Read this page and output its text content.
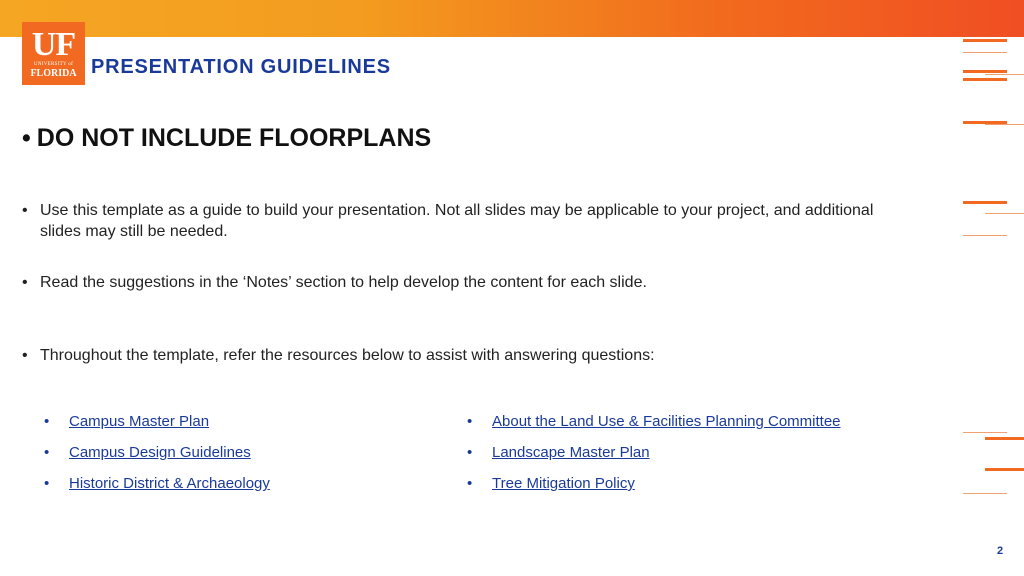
UF
UNIVERSITY of
FLORIDA PRESENTATION GUIDELINES
• DO NOT INCLUDE FLOORPLANS
• Use this template as a guide to build your presentation. Not all slides may be applicable to your project, and additional slides may still be needed.
• Read the suggestions in the ‘Notes’ section to help develop the content for each slide.
• Throughout the template, refer the resources below to assist with answering questions:
• Campus Master Plan
• Campus Design Guidelines
• Historic District & Archaeology
• About the Land Use & Facilities Planning Committee
• Landscape Master Plan
• Tree Mitigation Policy
2
